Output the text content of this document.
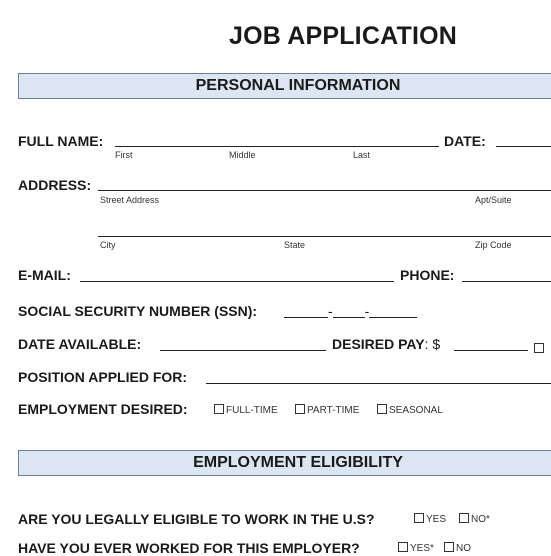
JOB APPLICATION
PERSONAL INFORMATION
FULL NAME:
First	Middle	Last
DATE:
ADDRESS:
Street Address	Apt/Suite
City	State	Zip Code
E-MAIL:	PHONE:
SOCIAL SECURITY NUMBER (SSN):	- -
DATE AVAILABLE:	DESIRED PAY: $
POSITION APPLIED FOR:
EMPLOYMENT DESIRED:	FULL-TIME	PART-TIME	SEASONAL
EMPLOYMENT ELIGIBILITY
ARE YOU LEGALLY ELIGIBLE TO WORK IN THE U.S?	YES	NO*
HAVE YOU EVER WORKED FOR THIS EMPLOYER?	YES*	NO
